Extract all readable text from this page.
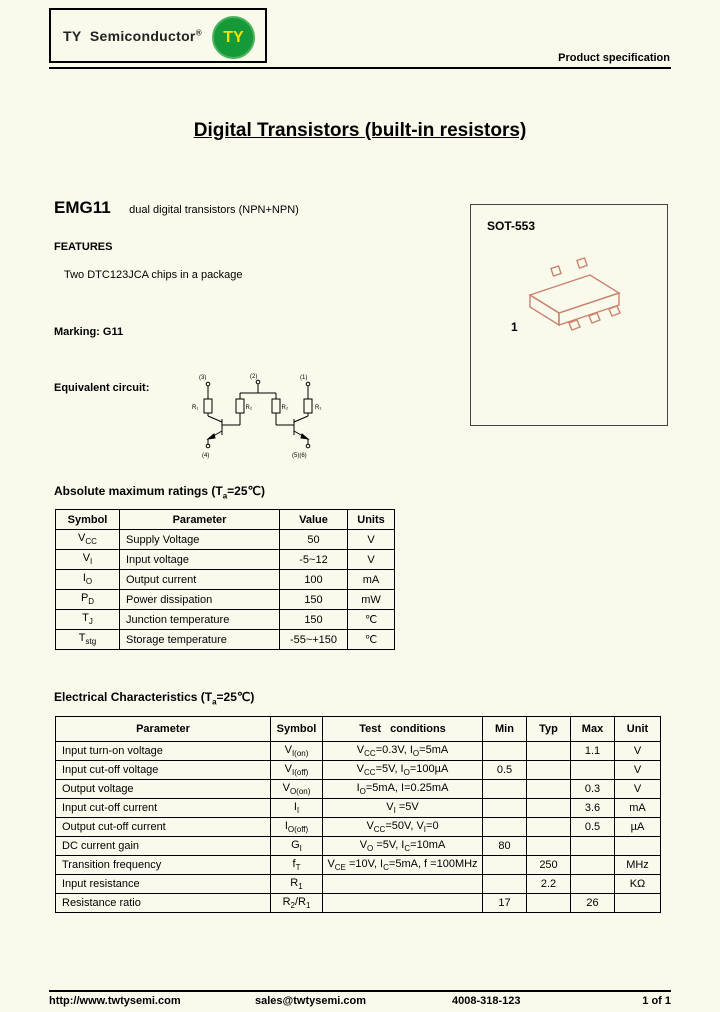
TY  Semiconductor®	TY
Product specification
Digital Transistors (built-in resistors)
EMG11 dual digital transistors (NPN+NPN)
SOT-553
1
FEATURES
Two DTC123JCA chips in a package
Marking: G11
Equivalent circuit:
(3)	(2)	(1)
(4)	(5)(6)
R₁	R₁
R₂	R₂
Absolute maximum ratings $(T_a=25℃)$
Symbol	Parameter	Value	Units
$V_{CC}$	Supply Voltage	50	V
$V_I$	Input voltage	-5~12	V
$I_O$	Output current	100	mA
$P_D$	Power dissipation	150	mW
$T_J$	Junction temperature	150	℃
$T_{stg}$	Storage temperature	-55~+150	℃
Electrical Characteristics $(T_a=25℃)$
Parameter	Symbol	Test   conditions	Min	Typ	Max	Unit
Input turn-on voltage	$V_{I(on)}$	$V_{CC}=0.3V$, $I_O=5mA$			1.1	V
Input cut-off voltage	$V_{I(off)}$	$V_{CC}=5V$, $I_O=100\mu A$	0.5			V
Output voltage	$V_{O(on)}$	$I_O=5mA$, I=0.25mA			0.3	V
Input cut-off current	$I_I$	$V_I =5V$			3.6	mA
Output cut-off current	$I_{O(off)}$	$V_{CC}=50V$, $V_I=0$			0.5	µA
DC current gain	$G_I$	$V_O =5V$, $I_C=10mA$	80			
Transition frequency	$f_T$	$V_{CE} =10V$, $I_C=5mA$, f =100MHz		250		MHz
Input resistance	$R_1$			2.2		KΩ
Resistance ratio	$R_2/R_1$		17		26	
http://www.twtysemi.com	sales@twtysemi.com	4008-318-123	1 of 1
